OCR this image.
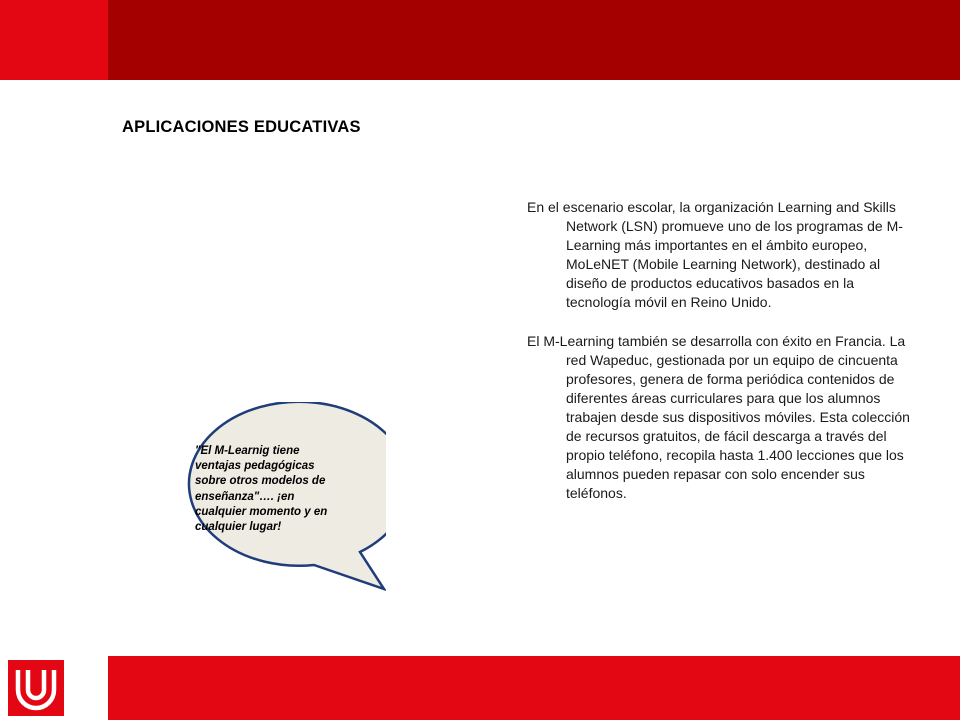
APLICACIONES EDUCATIVAS

En el escenario escolar, la organización Learning and Skills Network (LSN) promueve uno de los programas de M-Learning más importantes en el ámbito europeo, MoLeNET (Mobile Learning Network), destinado al diseño de productos educativos basados en la tecnología móvil en Reino Unido.

El M-Learning también se desarrolla con éxito en Francia. La red Wapeduc, gestionada por un equipo de cincuenta profesores, genera de forma periódica contenidos de diferentes áreas curriculares para que los alumnos trabajen desde sus dispositivos móviles. Esta colección de recursos gratuitos, de fácil descarga a través del propio teléfono, recopila hasta 1.400 lecciones que los alumnos pueden repasar con solo encender sus teléfonos.

"El M-Learnig tiene ventajas pedagógicas sobre otros modelos de enseñanza"…. ¡en cualquier momento y en cualquier lugar!
